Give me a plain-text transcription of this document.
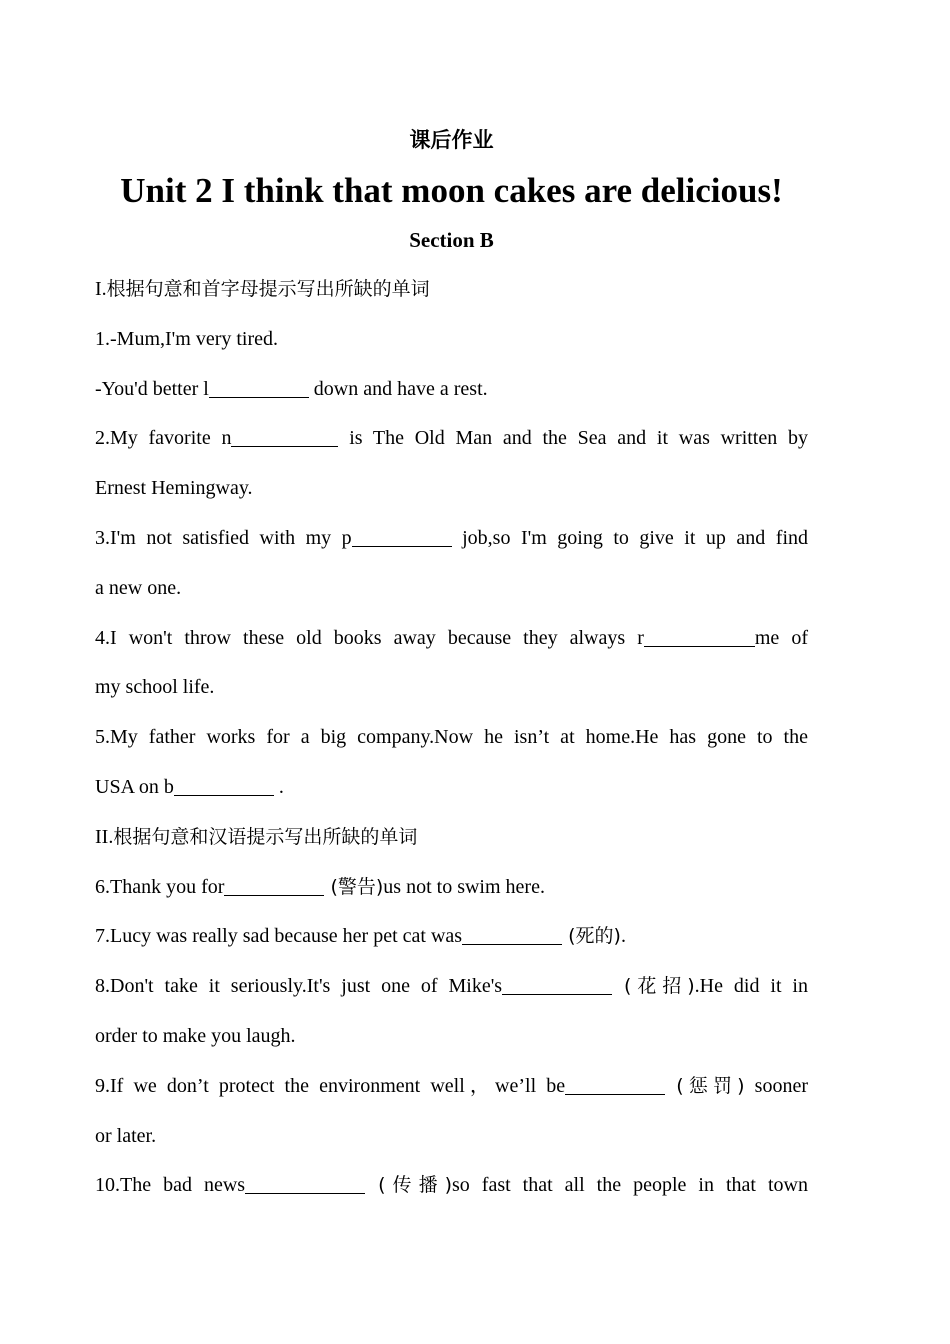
课后作业
Unit 2 I think that moon cakes are delicious!
Section B
I.根据句意和首字母提示写出所缺的单词
1.-Mum,I'm very tired.
-You'd better l	down and have a rest.
2.My favorite n	is The Old Man and the Sea and it was written by
Ernest Hemingway.
3.I'm not satisfied with my p	job,so I'm going to give it up and find
a new one.
4.I won't throw these old books away because they always r	me of
my school life.
5.My father works for a big company.Now he isn’t at home.He has gone to the
USA on b	.
II.根据句意和汉语提示写出所缺的单词
6.Thank you for	(警告)us not to swim here.
7.Lucy was really sad because her pet cat was	(死的).
8.Don't take it seriously.It's just one of Mike's	(花招).He did it in
order to make you laugh.
9.If we don’t protect the environment well，we’ll be	(惩罚) sooner
or later.
10.The bad news	(传播)so fast that all the people in that town
